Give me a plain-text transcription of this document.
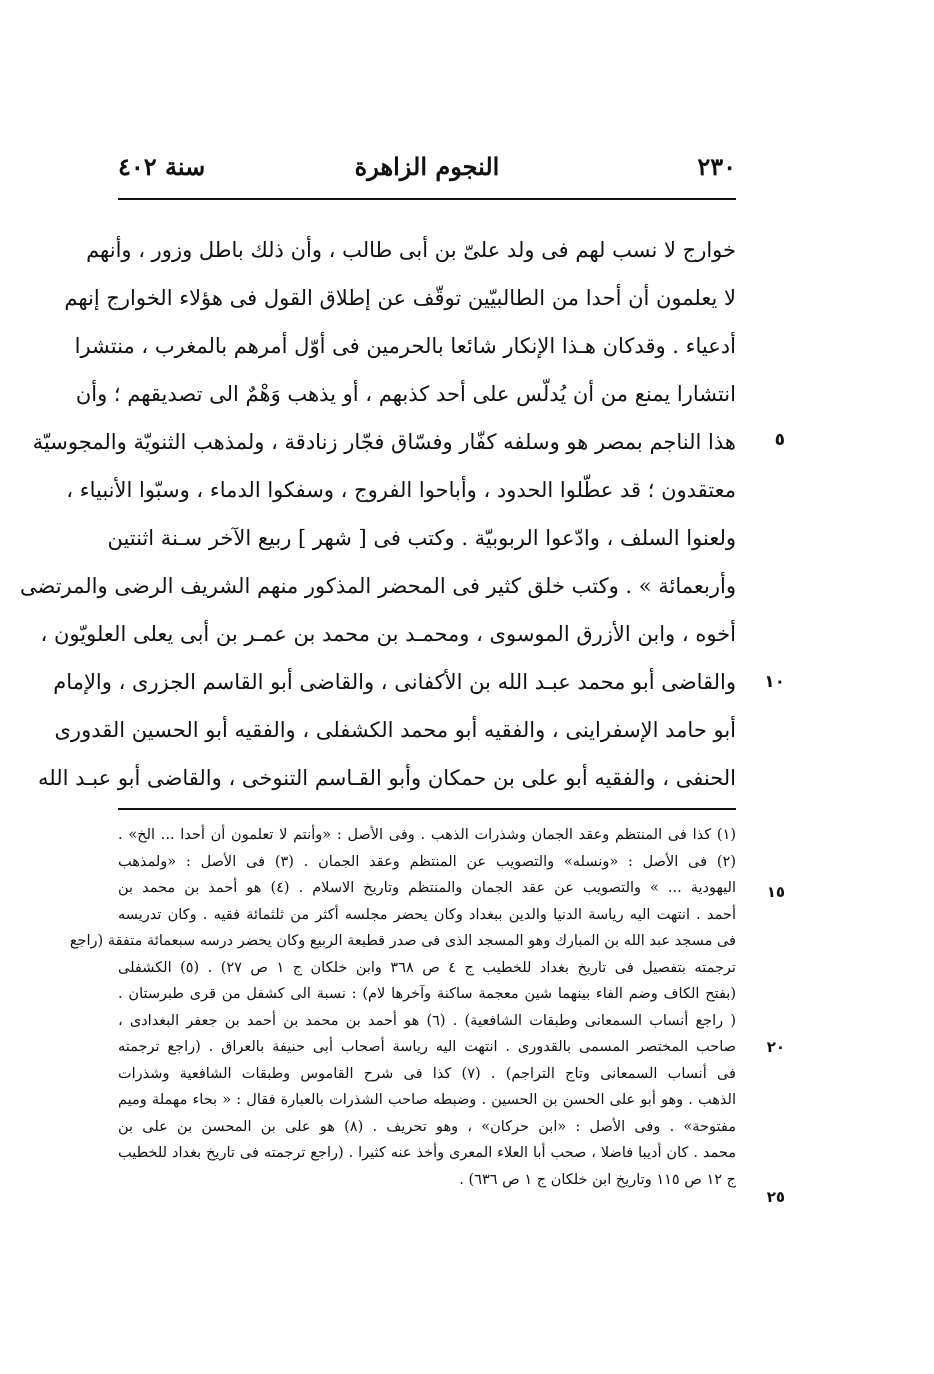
٢٣٠
النجوم الزاهرة
سنة ٤٠٢
خوارج لا نسب لهم فى ولد علىّ بن أبى طالب ، وأن ذلك باطل وزور ، وأنهم
لا يعلمون أن أحدا من الطالبيّين توقّف عن إطلاق القول فى هؤلاء الخوارج إنهم
أدعياء . وقدكان هـذا الإنكار شائعا بالحرمين فى أوّل أمرهم بالمغرب ، منتشرا
انتشارا يمنع من أن يُدلّس على أحد كذبهم ، أو يذهب وَهْمٌ الى تصديقهم ؛ وأن
هذا الناجم بمصر هو وسلفه كفّار وفسّاق فجّار زنادقة ، ولمذهب الثنويّة والمجوسيّة
معتقدون ؛ قد عطّلوا الحدود ، وأباحوا الفروج ، وسفكوا الدماء ، وسبّوا الأنبياء ،
ولعنوا السلف ، وادّعوا الربوبيّة . وكتب فى [ شهر ] ربيع الآخر سـنة اثنتين
وأربعمائة » . وكتب خلق كثير فى المحضر المذكور منهم الشريف الرضى والمرتضى
أخوه ، وابن الأزرق الموسوى ، ومحمـد بن محمد بن عمـر بن أبى يعلى العلويّون ،
والقاضى أبو محمد عبـد الله بن الأكفانى ، والقاضى أبو القاسم الجزرى ، والإمام
أبو حامد الإسفراينى ، والفقيه أبو محمد الكشفلى ، والفقيه أبو الحسين القدورى
الحنفى ، والفقيه أبو على بن حمكان وأبو القـاسم التنوخى ، والقاضى أبو عبـد الله
٥
١٠
(١) كذا فى المنتظم وعقد الجمان وشذرات الذهب . وفى الأصل : «وأنتم لا تعلمون أن أحدا ... الخ» .
(٢) فى الأصل : «ونسله» والتصويب عن المنتظم وعقد الجمان . (٣) فى الأصل : «ولمذهب
اليهودية ... » والتصويب عن عقد الجمان والمنتظم وتاريخ الاسلام . (٤) هو أحمد بن محمد بن
أحمد . انتهت اليه رياسة الدنيا والدين ببغداد وكان يحضر مجلسه أكثر من ثلثمائة فقيه . وكان تدريسه
فى مسجد عبد الله بن المبارك وهو المسجد الذى فى صدر قطيعة الربيع وكان يحضر درسه سبعمائة متفقة (راجع
ترجمته بتفصيل فى تاريخ بغداد للخطيب ج ٤ ص ٣٦٨ وابن خلكان ج ١ ص ٢٧) . (٥) الكشفلى
(بفتح الكاف وضم الفاء بينهما شين معجمة ساكنة وآخرها لام) : نسبة الى كشفل من قرى طبرستان .
( راجع أنساب السمعانى وطبقات الشافعية) . (٦) هو أحمد بن محمد بن أحمد بن جعفر البغدادى ،
صاحب المختصر المسمى بالقدورى . انتهت اليه رياسة أصحاب أبى حنيفة بالعراق . (راجع ترجمته
فى أنساب السمعانى وتاج التراجم) . (٧) كذا فى شرح القاموس وطبقات الشافعية وشذرات
الذهب . وهو أبو على الحسن بن الحسين . وضبطه صاحب الشذرات بالعبارة فقال : « بحاء مهملة وميم
مفتوحة» . وفى الأصل : «ابن حركان» ، وهو تحريف . (٨) هو على بن المحسن بن على بن
محمد . كان أديبا فاضلا ، صحب أبا العلاء المعرى وأخذ عنه كثيرا . (راجع ترجمته فى تاريخ بغداد للخطيب
ج ١٢ ص ١١٥ وتاريخ ابن خلكان ج ١ ص ٦٣٦) .
١٥
٢٠
٢٥
